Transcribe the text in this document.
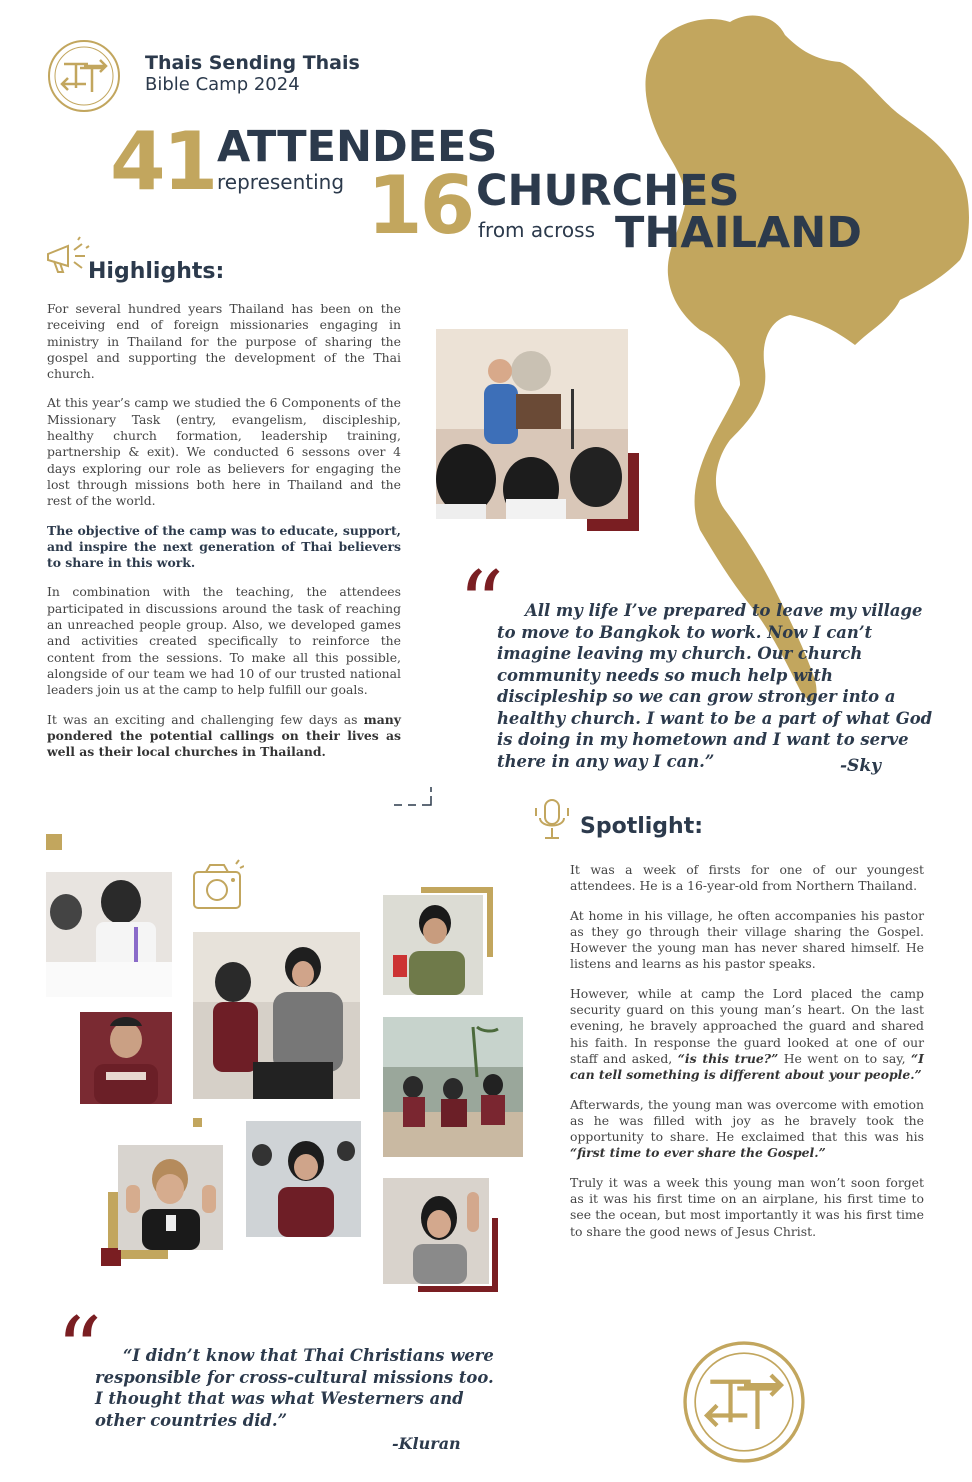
Thais Sending Thais
Bible Camp 2024
41 ATTENDEES
representing 16 CHURCHES
from across THAILAND
Highlights:

For several hundred years Thailand has been on the receiving end of foreign missionaries engaging in ministry in Thailand for the purpose of sharing the gospel and supporting the development of the Thai church.

At this year’s camp we studied the 6 Components of the Missionary Task (entry, evangelism, discipleship, healthy church formation, leadership training, partnership & exit). We conducted 6 sessons over 4 days exploring our role as believers for engaging the lost through missions both here in Thailand and the rest of the world.

The objective of the camp was to educate, support, and inspire the next generation of Thai believers to share in this work.

In combination with the teaching, the attendees participated in discussions around the task of reaching an unreached people group. Also, we developed games and activities created specifically to reinforce the content from the sessions. To make all this possible, alongside of our team we had 10 of our trusted national leaders join us at the camp to help fulfill our goals.

It was an exciting and challenging few days as many pondered the potential callings on their lives as well as their local churches in Thailand.

“	All my life I’ve prepared to leave my village to move to Bangkok to work. Now I can’t imagine leaving my church. Our church community needs so much help with discipleship so we can grow stronger into a healthy church. I want to be a part of what God is doing in my hometown and I want to serve there in any way I can.”	-Sky
Spotlight:

It was a week of firsts for one of our youngest attendees. He is a 16-year-old from Northern Thailand.

At home in his village, he often accompanies his pastor as they go through their village sharing the Gospel. However the young man has never shared himself. He listens and learns as his pastor speaks.

However, while at camp the Lord placed the camp security guard on this young man’s heart. On the last evening, he bravely approached the guard and shared his faith. In response the guard looked at one of our staff and asked, “is this true?” He went on to say, “I can tell something is different about your people.”

Afterwards, the young man was overcome with emotion as he was filled with joy as he bravely took the opportunity to share. He exclaimed that this was his “first time to ever share the Gospel.”

Truly it was a week this young man won’t soon forget as it was his first time on an airplane, his first time to see the ocean, but most importantly it was his first time to share the good news of Jesus Christ.

“	“I didn’t know that Thai Christians were responsible for cross-cultural missions too. I thought that was what Westerners and other countries did.”
-Kluran
